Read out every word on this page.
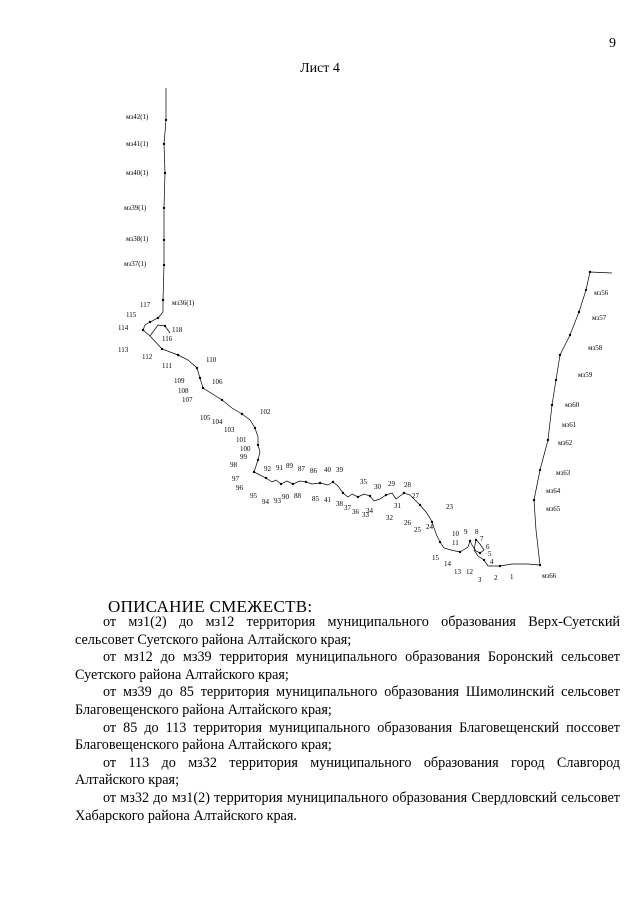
9
Лист 4
мз42(1)
мз41(1)
мз40(1)
мз39(1)
мз38(1)
мз37(1)
мз36(1)
мз56
мз57
мз58
мз59
мз60
мз61
мз62
мз63
мз64
мз65
мз66
117
115
114	118
116
113
112
111
110
109
108
106
107
105 104
102
103
101
100
99
98
97
96
95
94 93
92 91
90
89
88
87 86
85 41
40 39
38 37 36
35
33
34
30
32
29
31
28
27
26
25 24
23
10 9 8
11	7
6
5
4
15
14
13 12
3 2 1
ОПИСАНИЕ СМЕЖЕСТВ:

от мз1(2) до мз12 территория муниципального образования Верх-Суетский сельсовет Суетского района Алтайского края;

от мз12 до мз39 территория муниципального образования Боронский сельсовет Суетского района Алтайского края;

от мз39 до 85 территория муниципального образования Шимолинский сельсовет Благовещенского района Алтайского края;

от 85 до 113 территория муниципального образования Благовещенский поссовет Благовещенского района Алтайского края;

от 113 до мз32 территория муниципального образования город Славгород Алтайского края;

от мз32 до мз1(2) территория муниципального образования Свердловский сельсовет Хабарского района Алтайского края.
